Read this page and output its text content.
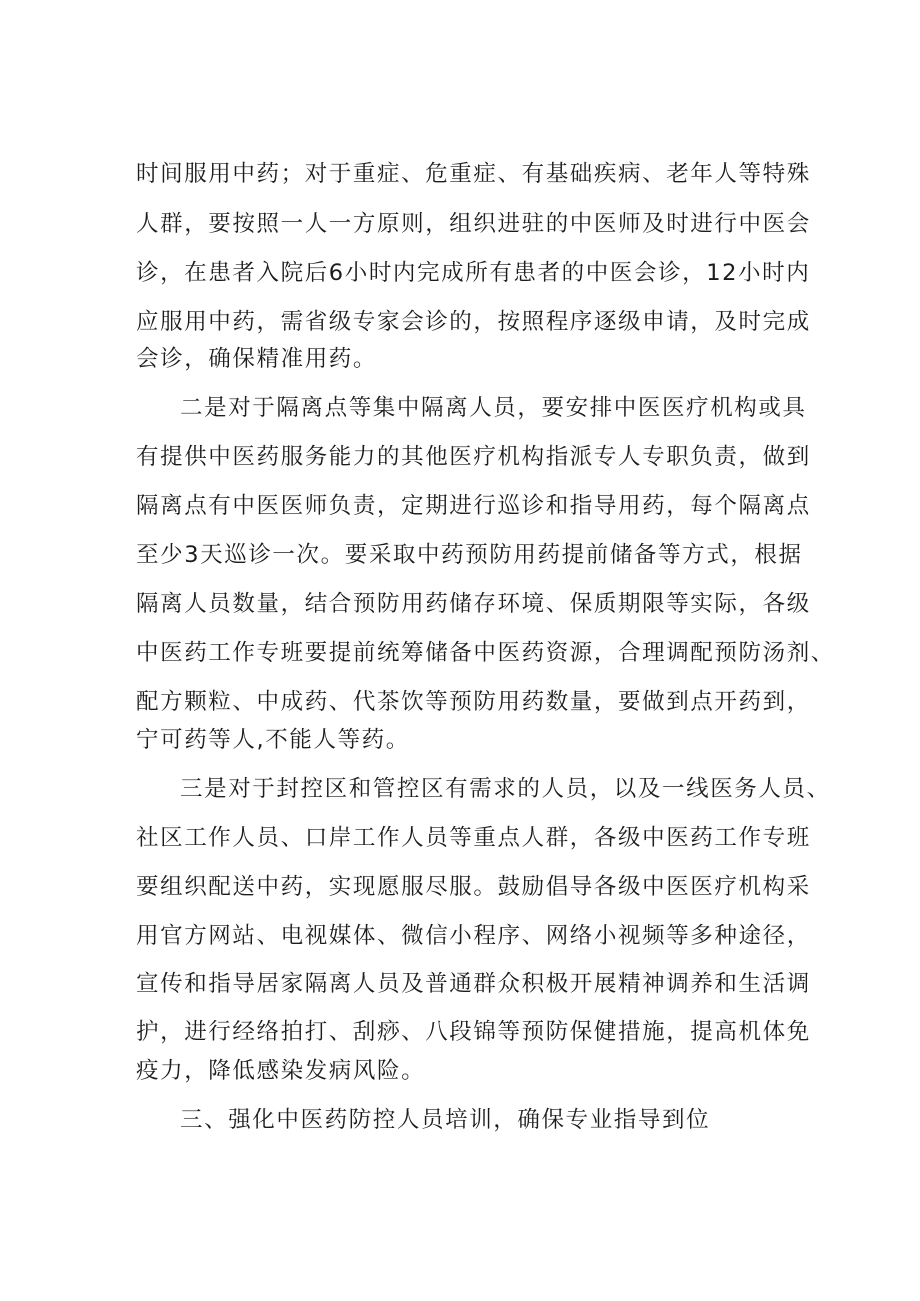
时间服用中药；对于重症、危重症、有基础疾病、老年人等特殊
人群，要按照一人一方原则，组织进驻的中医师及时进行中医会
诊，在患者入院后6小时内完成所有患者的中医会诊，12小时内
应服用中药，需省级专家会诊的，按照程序逐级申请，及时完成
会诊，确保精准用药。
二是对于隔离点等集中隔离人员，要安排中医医疗机构或具
有提供中医药服务能力的其他医疗机构指派专人专职负责，做到
隔离点有中医医师负责，定期进行巡诊和指导用药，每个隔离点
至少3天巡诊一次。要采取中药预防用药提前储备等方式，根据
隔离人员数量，结合预防用药储存环境、保质期限等实际，各级
中医药工作专班要提前统筹储备中医药资源，合理调配预防汤剂、
配方颗粒、中成药、代茶饮等预防用药数量，要做到点开药到，
宁可药等人,不能人等药。
三是对于封控区和管控区有需求的人员，以及一线医务人员、
社区工作人员、口岸工作人员等重点人群，各级中医药工作专班
要组织配送中药，实现愿服尽服。鼓励倡导各级中医医疗机构采
用官方网站、电视媒体、微信小程序、网络小视频等多种途径，
宣传和指导居家隔离人员及普通群众积极开展精神调养和生活调
护，进行经络拍打、刮痧、八段锦等预防保健措施，提高机体免
疫力，降低感染发病风险。
三、强化中医药防控人员培训，确保专业指导到位
